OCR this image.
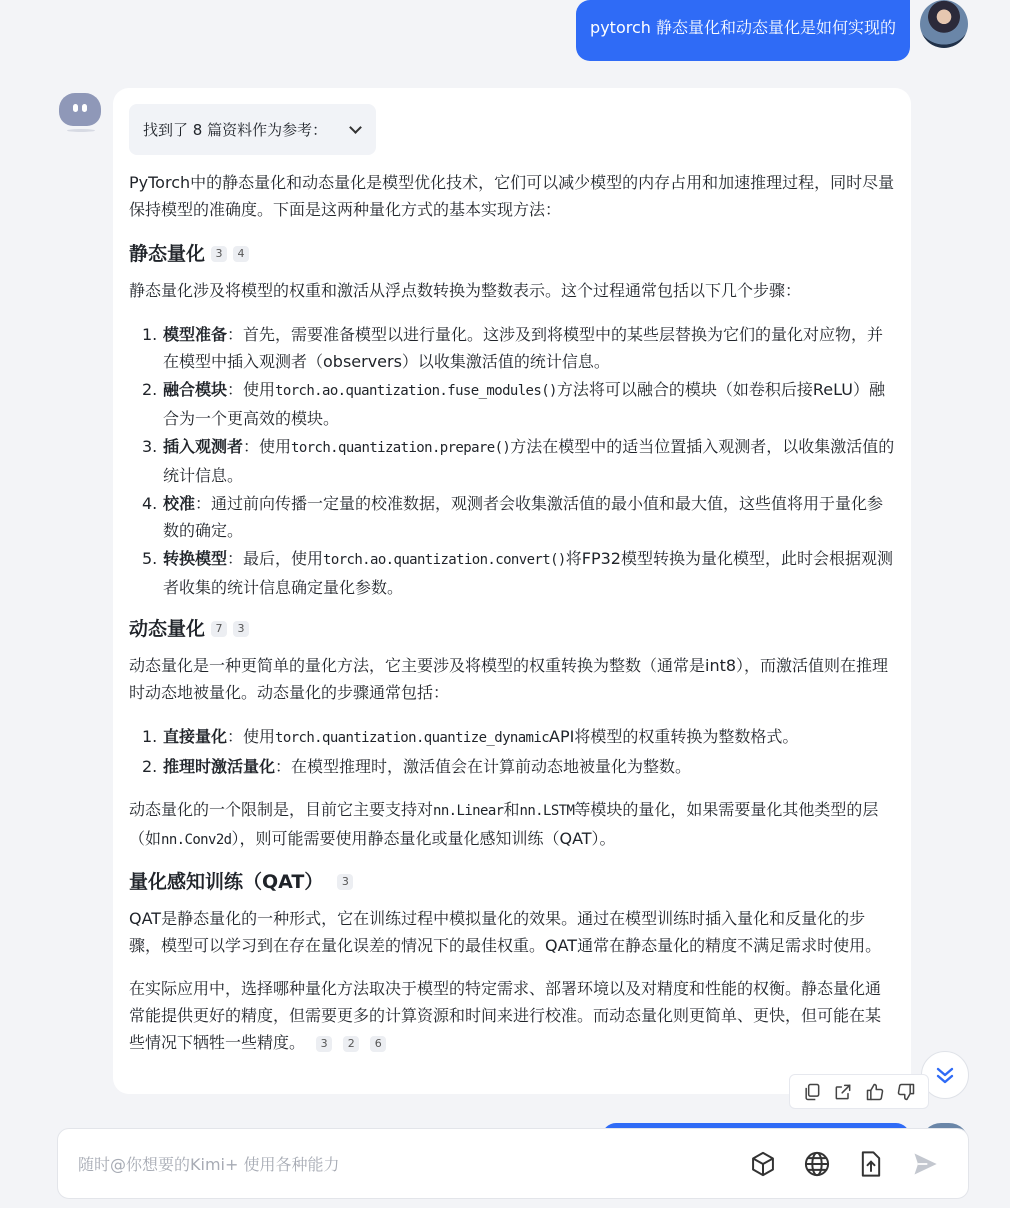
pytorch 静态量化和动态量化是如何实现的
找到了 8 篇资料作为参考：
PyTorch中的静态量化和动态量化是模型优化技术，它们可以减少模型的内存占用和加速推理过程，同时尽量保持模型的准确度。下面是这两种量化方式的基本实现方法：
静态量化 3	4
静态量化涉及将模型的权重和激活从浮点数转换为整数表示。这个过程通常包括以下几个步骤：
1. 模型准备：首先，需要准备模型以进行量化。这涉及到将模型中的某些层替换为它们的量化对应物，并在模型中插入观测者（observers）以收集激活值的统计信息。
2. 融合模块：使用torch.ao.quantization.fuse_modules()方法将可以融合的模块（如卷积后接ReLU）融合为一个更高效的模块。
3. 插入观测者：使用torch.quantization.prepare()方法在模型中的适当位置插入观测者，以收集激活值的统计信息。
4. 校准：通过前向传播一定量的校准数据，观测者会收集激活值的最小值和最大值，这些值将用于量化参数的确定。
5. 转换模型：最后，使用torch.ao.quantization.convert()将FP32模型转换为量化模型，此时会根据观测者收集的统计信息确定量化参数。
动态量化 7	3
动态量化是一种更简单的量化方法，它主要涉及将模型的权重转换为整数（通常是int8），而激活值则在推理时动态地被量化。动态量化的步骤通常包括：
1. 直接量化：使用torch.quantization.quantize_dynamicAPI将模型的权重转换为整数格式。
2. 推理时激活量化：在模型推理时，激活值会在计算前动态地被量化为整数。
动态量化的一个限制是，目前它主要支持对nn.Linear和nn.LSTM等模块的量化，如果需要量化其他类型的层（如nn.Conv2d），则可能需要使用静态量化或量化感知训练（QAT）。
量化感知训练（QAT）	3
QAT是静态量化的一种形式，它在训练过程中模拟量化的效果。通过在模型训练时插入量化和反量化的步骤，模型可以学习到在存在量化误差的情况下的最佳权重。QAT通常在静态量化的精度不满足需求时使用。
在实际应用中，选择哪种量化方法取决于模型的特定需求、部署环境以及对精度和性能的权衡。静态量化通常能提供更好的精度，但需要更多的计算资源和时间来进行校准。而动态量化则更简单、更快，但可能在某些情况下牺牲一些精度。 3 2 6
随时@你想要的Kimi+ 使用各种能力
